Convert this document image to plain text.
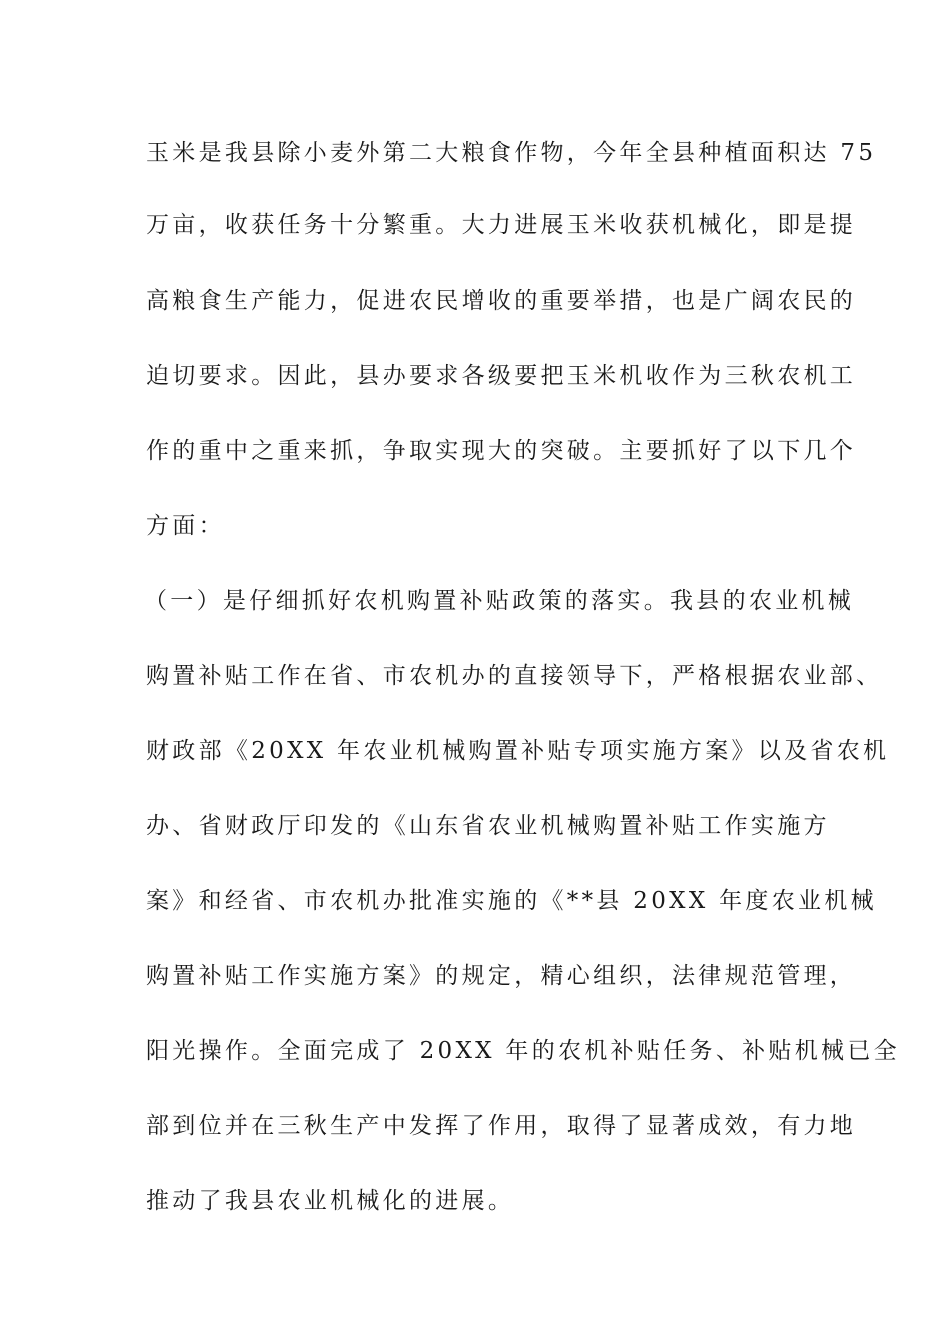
玉米是我县除小麦外第二大粮食作物，今年全县种植面积达 75
万亩，收获任务十分繁重。大力进展玉米收获机械化，即是提
高粮食生产能力，促进农民增收的重要举措，也是广阔农民的
迫切要求。因此，县办要求各级要把玉米机收作为三秋农机工
作的重中之重来抓，争取实现大的突破。主要抓好了以下几个
方面：
（一）是仔细抓好农机购置补贴政策的落实。我县的农业机械
购置补贴工作在省、市农机办的直接领导下，严格根据农业部、
财政部《20XX 年农业机械购置补贴专项实施方案》以及省农机
办、省财政厅印发的《山东省农业机械购置补贴工作实施方
案》和经省、市农机办批准实施的《**县 20XX 年度农业机械
购置补贴工作实施方案》的规定，精心组织，法律规范管理，
阳光操作。全面完成了 20XX 年的农机补贴任务、补贴机械已全
部到位并在三秋生产中发挥了作用，取得了显著成效，有力地
推动了我县农业机械化的进展。
